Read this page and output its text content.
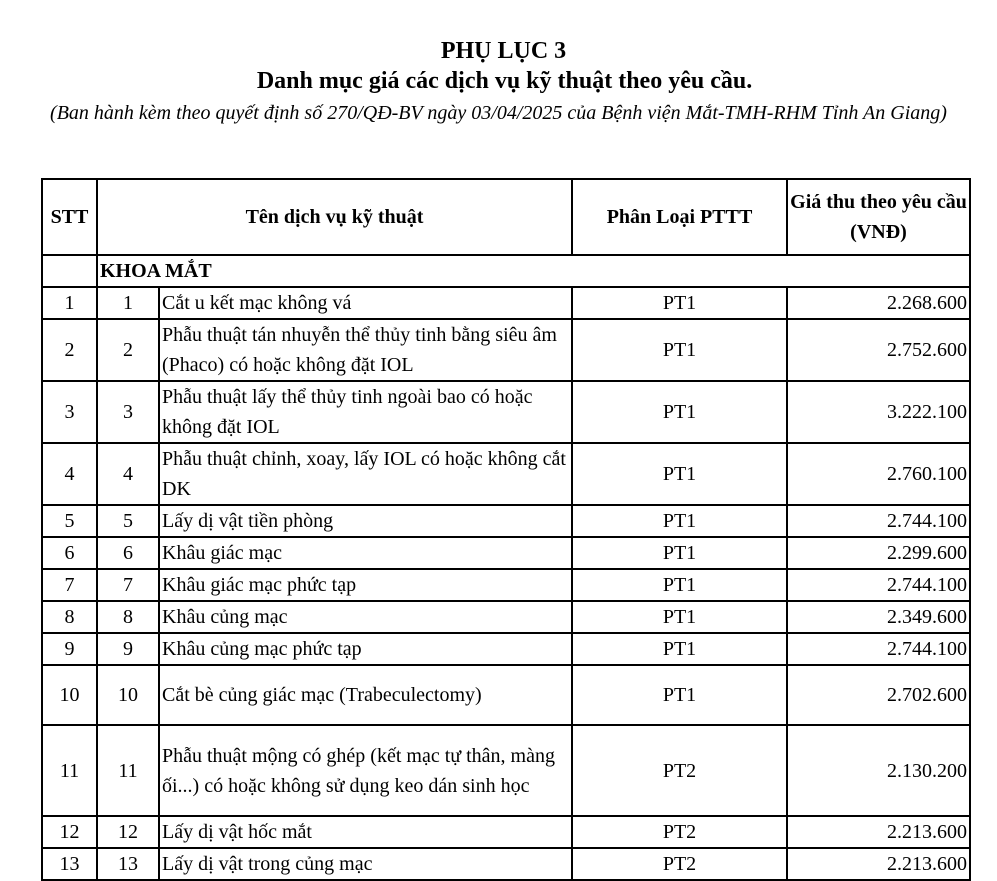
PHỤ LỤC 3
Danh mục giá các dịch vụ kỹ thuật theo yêu cầu.
(Ban hành kèm theo quyết định số 270/QĐ-BV ngày 03/04/2025 của Bệnh viện Mắt-TMH-RHM Tỉnh An Giang)
STT	Tên dịch vụ kỹ thuật		Phân Loại PTTT	Giá thu theo yêu cầu (VNĐ)
	KHOA MẮT			
1	1	Cắt u kết mạc không vá	PT1	2.268.600
2	2	Phẫu thuật tán nhuyễn thể thủy tinh bằng siêu âm (Phaco) có hoặc không đặt IOL	PT1	2.752.600
3	3	Phẫu thuật lấy thể thủy tinh ngoài bao có hoặc không đặt IOL	PT1	3.222.100
4	4	Phẫu thuật chỉnh, xoay, lấy IOL có hoặc không cắt DK	PT1	2.760.100
5	5	Lấy dị vật tiền phòng	PT1	2.744.100
6	6	Khâu giác mạc	PT1	2.299.600
7	7	Khâu giác mạc phức tạp	PT1	2.744.100
8	8	Khâu củng mạc	PT1	2.349.600
9	9	Khâu củng mạc phức tạp	PT1	2.744.100
10	10	Cắt bè củng giác mạc (Trabeculectomy)	PT1	2.702.600
11	11	Phẫu thuật mộng có ghép (kết mạc tự thân, màng ối...) có hoặc không sử dụng keo dán sinh học	PT2	2.130.200
12	12	Lấy dị vật hốc mắt	PT2	2.213.600
13	13	Lấy dị vật trong củng mạc	PT2	2.213.600
